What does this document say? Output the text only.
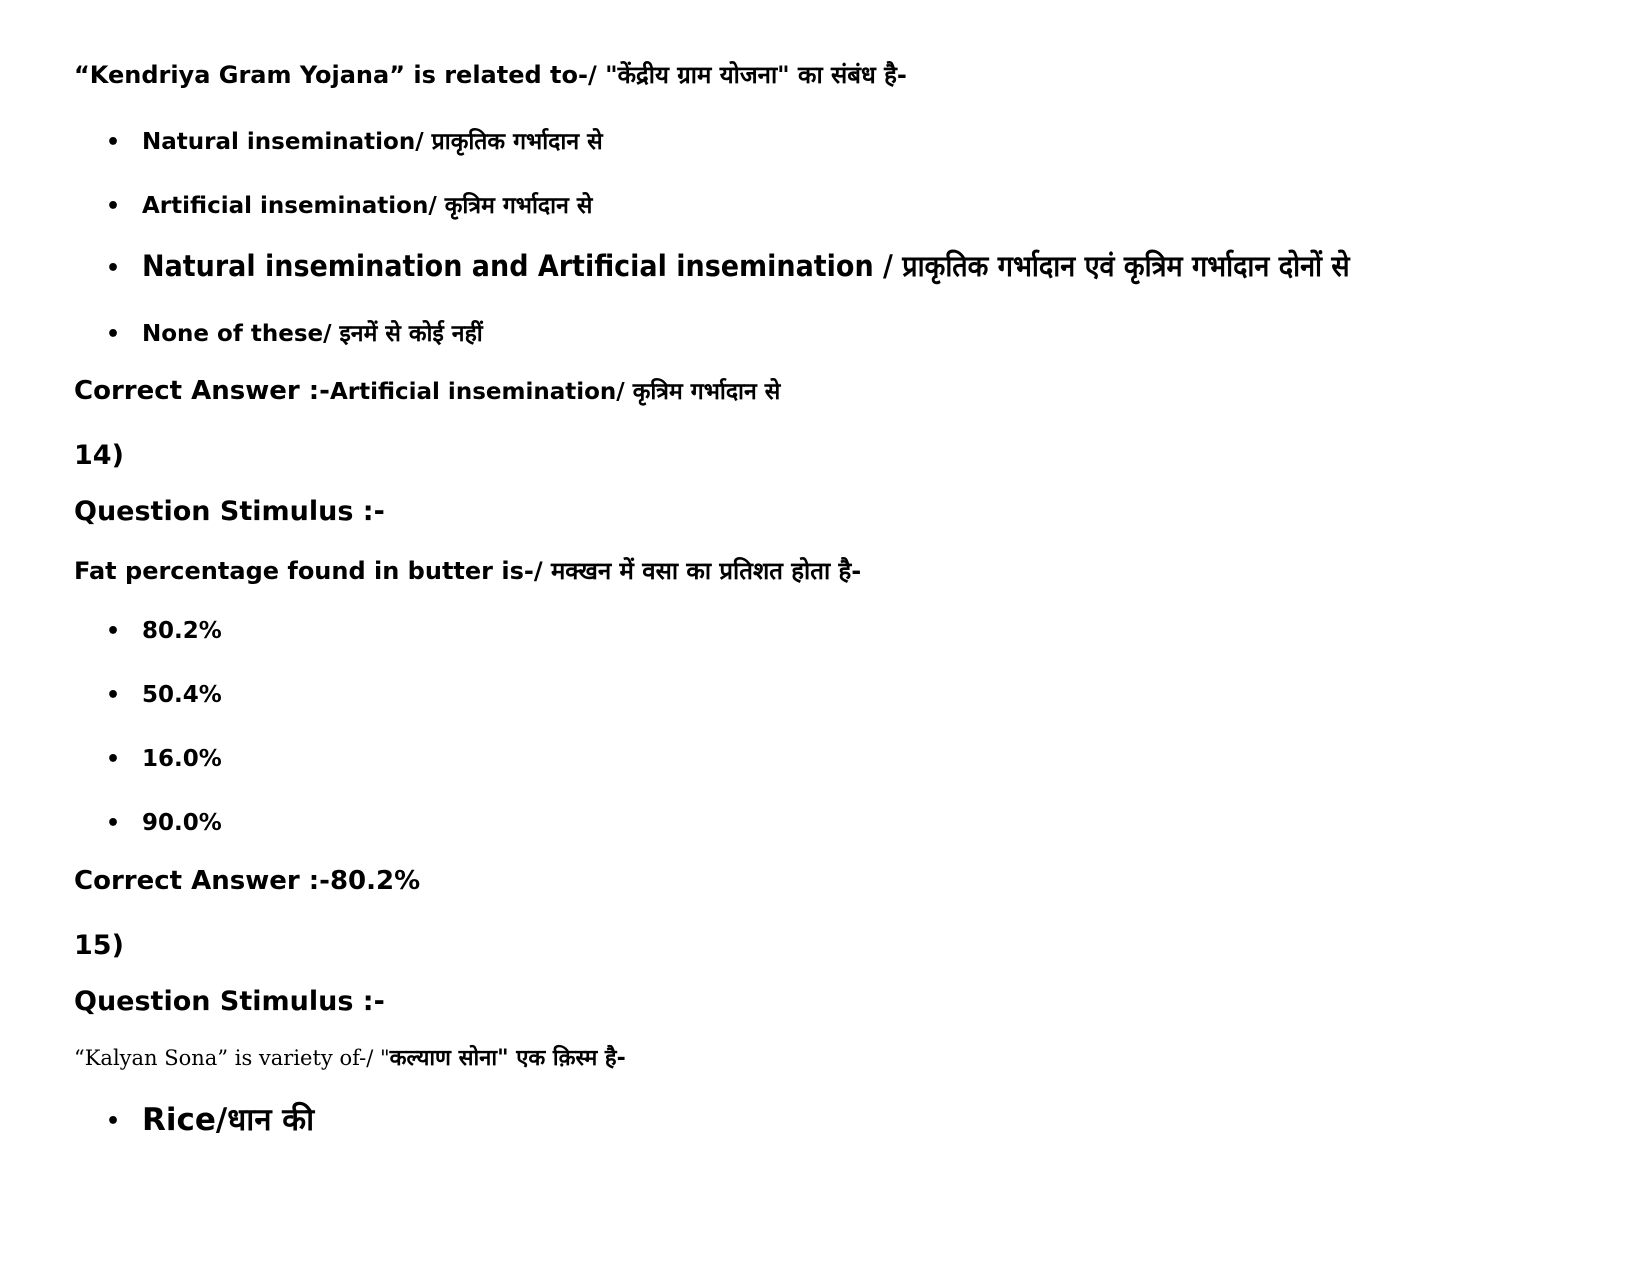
“Kendriya Gram Yojana” is related to-/ "केंद्रीय ग्राम योजना" का संबंध है-
• Natural insemination/ प्राकृतिक गर्भादान से
• Artificial insemination/ कृत्रिम गर्भादान से
• Natural insemination and Artificial insemination / प्राकृतिक गर्भादान एवं कृत्रिम गर्भादान दोनों से
• None of these/ इनमें से कोई नहीं
Correct Answer :-Artificial insemination/ कृत्रिम गर्भादान से
14)
Question Stimulus :-
Fat percentage found in butter is-/ मक्खन में वसा का प्रतिशत होता है-
• 80.2%
• 50.4%
• 16.0%
• 90.0%
Correct Answer :-80.2%
15)
Question Stimulus :-
“Kalyan Sona” is variety of-/ "कल्याण सोना" एक क़िस्म है-
• Rice/धान की
